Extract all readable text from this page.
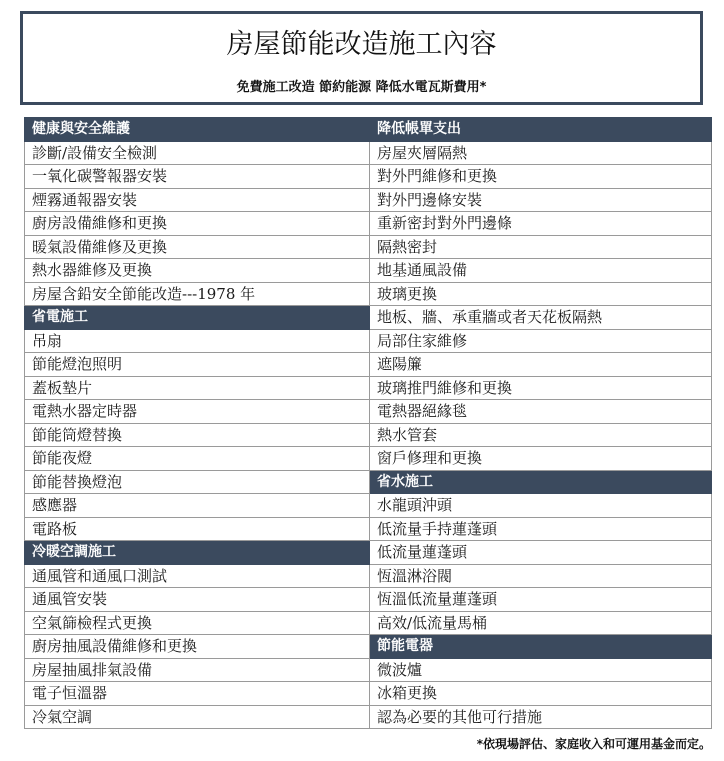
房屋節能改造施工內容
免費施工改造 節約能源 降低水電瓦斯費用*
健康與安全維護	降低帳單支出
診斷/設備安全檢測	房屋夾層隔熱
一氧化碳警報器安裝	對外門維修和更換
煙霧通報器安裝	對外門邊條安裝
廚房設備維修和更換	重新密封對外門邊條
暖氣設備維修及更換	隔熱密封
熱水器維修及更換	地基通風設備
房屋含鉛安全節能改造---1978 年	玻璃更換
省電施工	地板、牆、承重牆或者天花板隔熱
吊扇	局部住家維修
節能燈泡照明	遮陽簾
蓋板墊片	玻璃推門維修和更換
電熱水器定時器	電熱器絕緣毯
節能筒燈替換	熱水管套
節能夜燈	窗戶修理和更換
節能替換燈泡	省水施工
感應器	水龍頭沖頭
電路板	低流量手持蓮蓬頭
冷暖空調施工	低流量蓮蓬頭
通風管和通風口測試	恆溫淋浴閥
通風管安裝	恆溫低流量蓮蓬頭
空氣篩檢程式更換	高效/低流量馬桶
廚房抽風設備維修和更換	節能電器
房屋抽風排氣設備	微波爐
電子恒溫器	冰箱更換
冷氣空調	認為必要的其他可行措施
*依現場評估、家庭收入和可運用基金而定。
